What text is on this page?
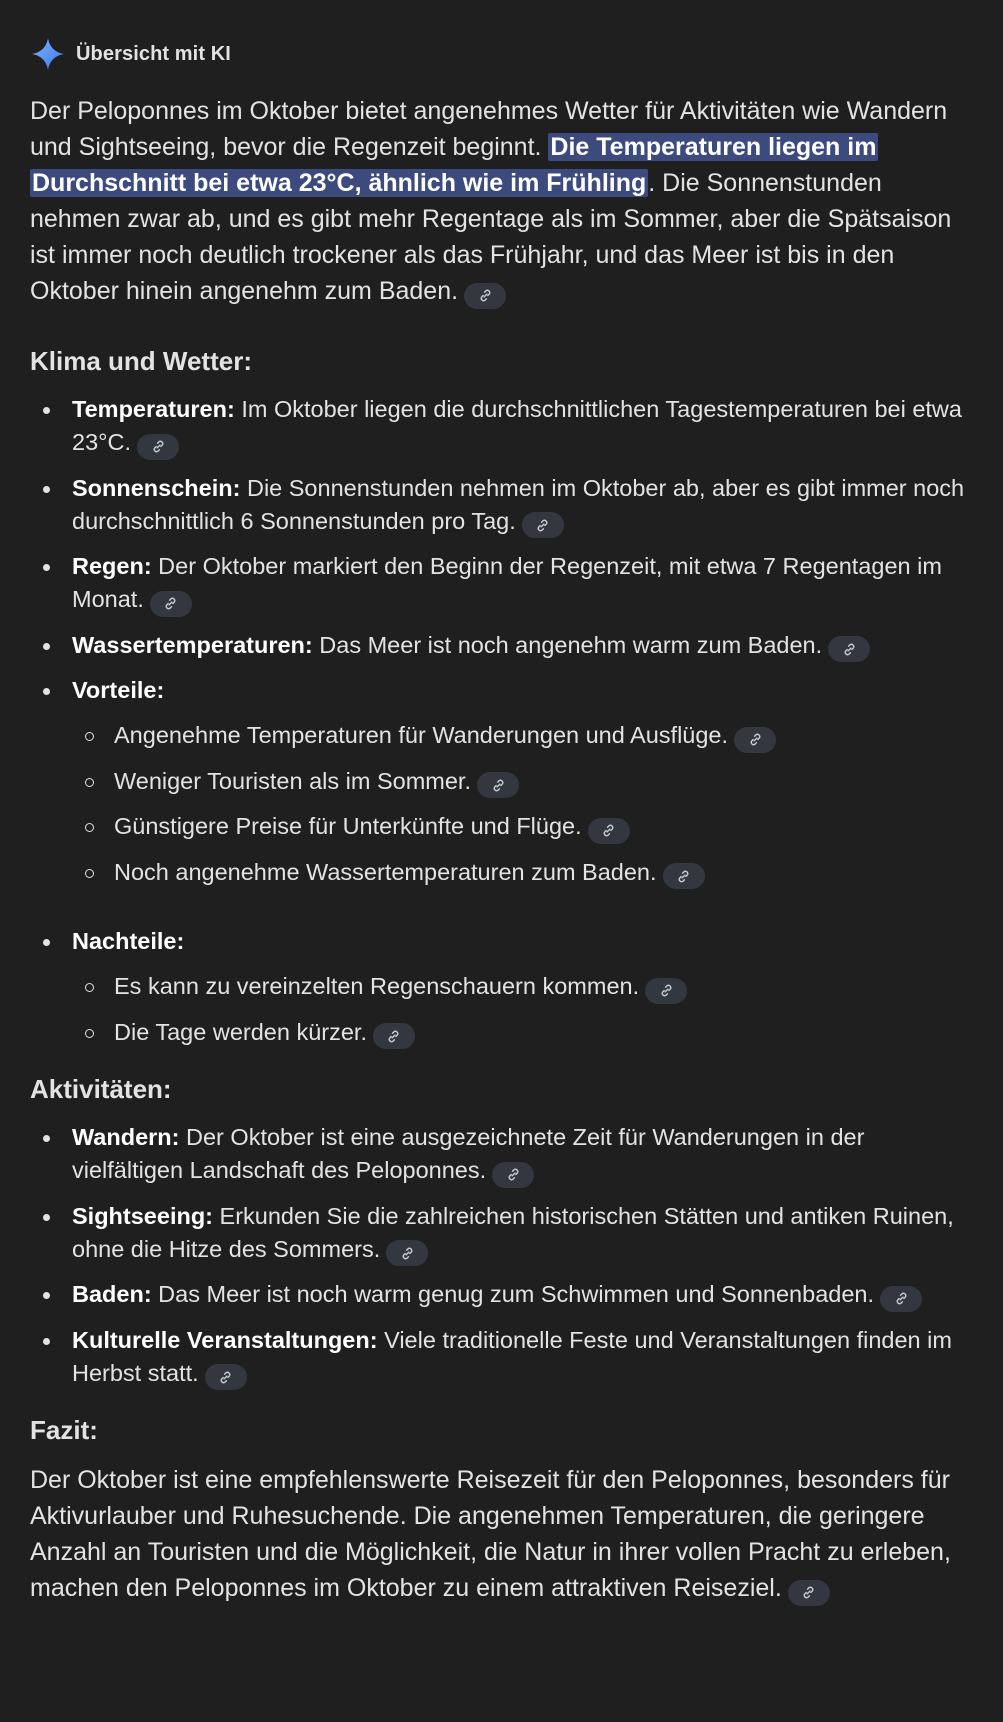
Übersicht mit KI

Der Peloponnes im Oktober bietet angenehmes Wetter für Aktivitäten wie Wandern und Sightseeing, bevor die Regenzeit beginnt. Die Temperaturen liegen im Durchschnitt bei etwa 23°C, ähnlich wie im Frühling. Die Sonnenstunden nehmen zwar ab, und es gibt mehr Regentage als im Sommer, aber die Spätsaison ist immer noch deutlich trockener als das Frühjahr, und das Meer ist bis in den Oktober hinein angenehm zum Baden.

Klima und Wetter:
Temperaturen: Im Oktober liegen die durchschnittlichen Tagestemperaturen bei etwa 23°C.
Sonnenschein: Die Sonnenstunden nehmen im Oktober ab, aber es gibt immer noch durchschnittlich 6 Sonnenstunden pro Tag.
Regen: Der Oktober markiert den Beginn der Regenzeit, mit etwa 7 Regentagen im Monat.
Wassertemperaturen: Das Meer ist noch angenehm warm zum Baden.
Vorteile:
Angenehme Temperaturen für Wanderungen und Ausflüge.
Weniger Touristen als im Sommer.
Günstigere Preise für Unterkünfte und Flüge.
Noch angenehme Wassertemperaturen zum Baden.
Nachteile:
Es kann zu vereinzelten Regenschauern kommen.
Die Tage werden kürzer.
Aktivitäten:
Wandern: Der Oktober ist eine ausgezeichnete Zeit für Wanderungen in der vielfältigen Landschaft des Peloponnes.
Sightseeing: Erkunden Sie die zahlreichen historischen Stätten und antiken Ruinen, ohne die Hitze des Sommers.
Baden: Das Meer ist noch warm genug zum Schwimmen und Sonnenbaden.
Kulturelle Veranstaltungen: Viele traditionelle Feste und Veranstaltungen finden im Herbst statt.
Fazit:

Der Oktober ist eine empfehlenswerte Reisezeit für den Peloponnes, besonders für Aktivurlauber und Ruhesuchende. Die angenehmen Temperaturen, die geringere Anzahl an Touristen und die Möglichkeit, die Natur in ihrer vollen Pracht zu erleben, machen den Peloponnes im Oktober zu einem attraktiven Reiseziel.
